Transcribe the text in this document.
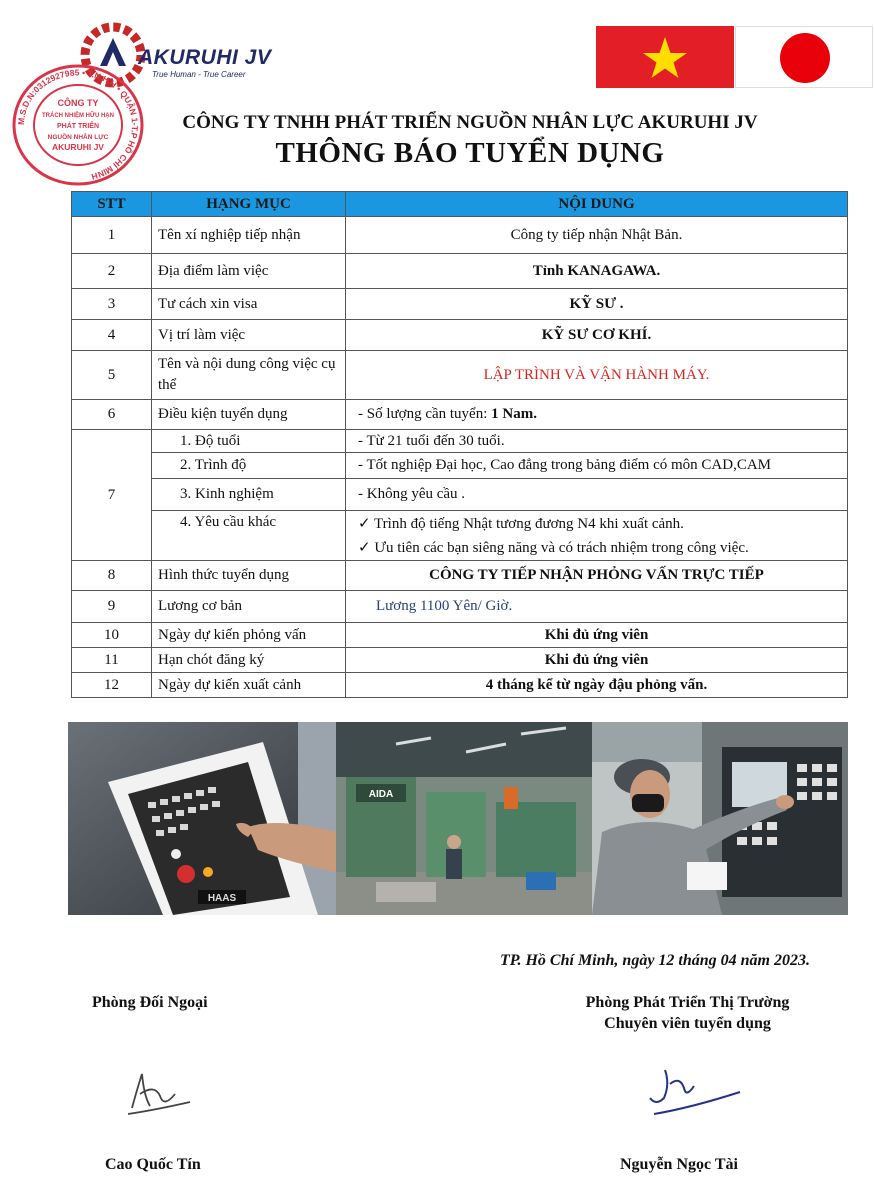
AKURUHI JV
True Human - True Career
M.S.D.N:0312927985 • T.N.H.H • QUẬN 1-T.P HỒ CHÍ MINH
CÔNG TY
TRÁCH NHIỆM HỮU HẠN
PHÁT TRIỂN
NGUỒN NHÂN LỰC
AKURUHI JV
CÔNG TY TNHH PHÁT TRIỂN NGUỒN NHÂN LỰC AKURUHI JV
THÔNG BÁO TUYỂN DỤNG
STT	HẠNG MỤC	NỘI DUNG
1	Tên xí nghiệp tiếp nhận	Công ty tiếp nhận Nhật Bản.
2	Địa điểm làm việc	Tỉnh KANAGAWA.
3	Tư cách xin visa	KỸ SƯ .
4	Vị trí làm việc	KỸ SƯ CƠ KHÍ.
5	Tên và nội dung công việc cụ thể	LẬP TRÌNH VÀ VẬN HÀNH MÁY.
6	Điều kiện tuyển dụng	- Số lượng cần tuyển: 1 Nam.
7	1. Độ tuổi	- Từ 21 tuổi đến 30 tuổi.
	2. Trình độ	- Tốt nghiệp Đại học, Cao đẳng trong bảng điểm có môn CAD,CAM
	3. Kinh nghiệm	- Không yêu cầu .
	4. Yêu cầu khác	✓ Trình độ tiếng Nhật tương đương N4 khi xuất cảnh.
✓ Ưu tiên các bạn siêng năng và có trách nhiệm trong công việc.

8	Hình thức tuyển dụng	CÔNG TY TIẾP NHẬN PHỎNG VẤN TRỰC TIẾP
9	Lương cơ bản	Lương 1100 Yên/ Giờ.
10	Ngày dự kiến phỏng vấn	Khi đủ ứng viên
11	Hạn chót đăng ký	Khi đủ ứng viên
12	Ngày dự kiến xuất cảnh	4 tháng kể từ ngày đậu phỏng vấn.
HAAS
AIDA
TP. Hồ Chí Minh, ngày 12 tháng 04 năm 2023.
Phòng Đối Ngoại	Phòng Phát Triển Thị Trường
Chuyên viên tuyển dụng
Cao Quốc Tín	Nguyễn Ngọc Tài
